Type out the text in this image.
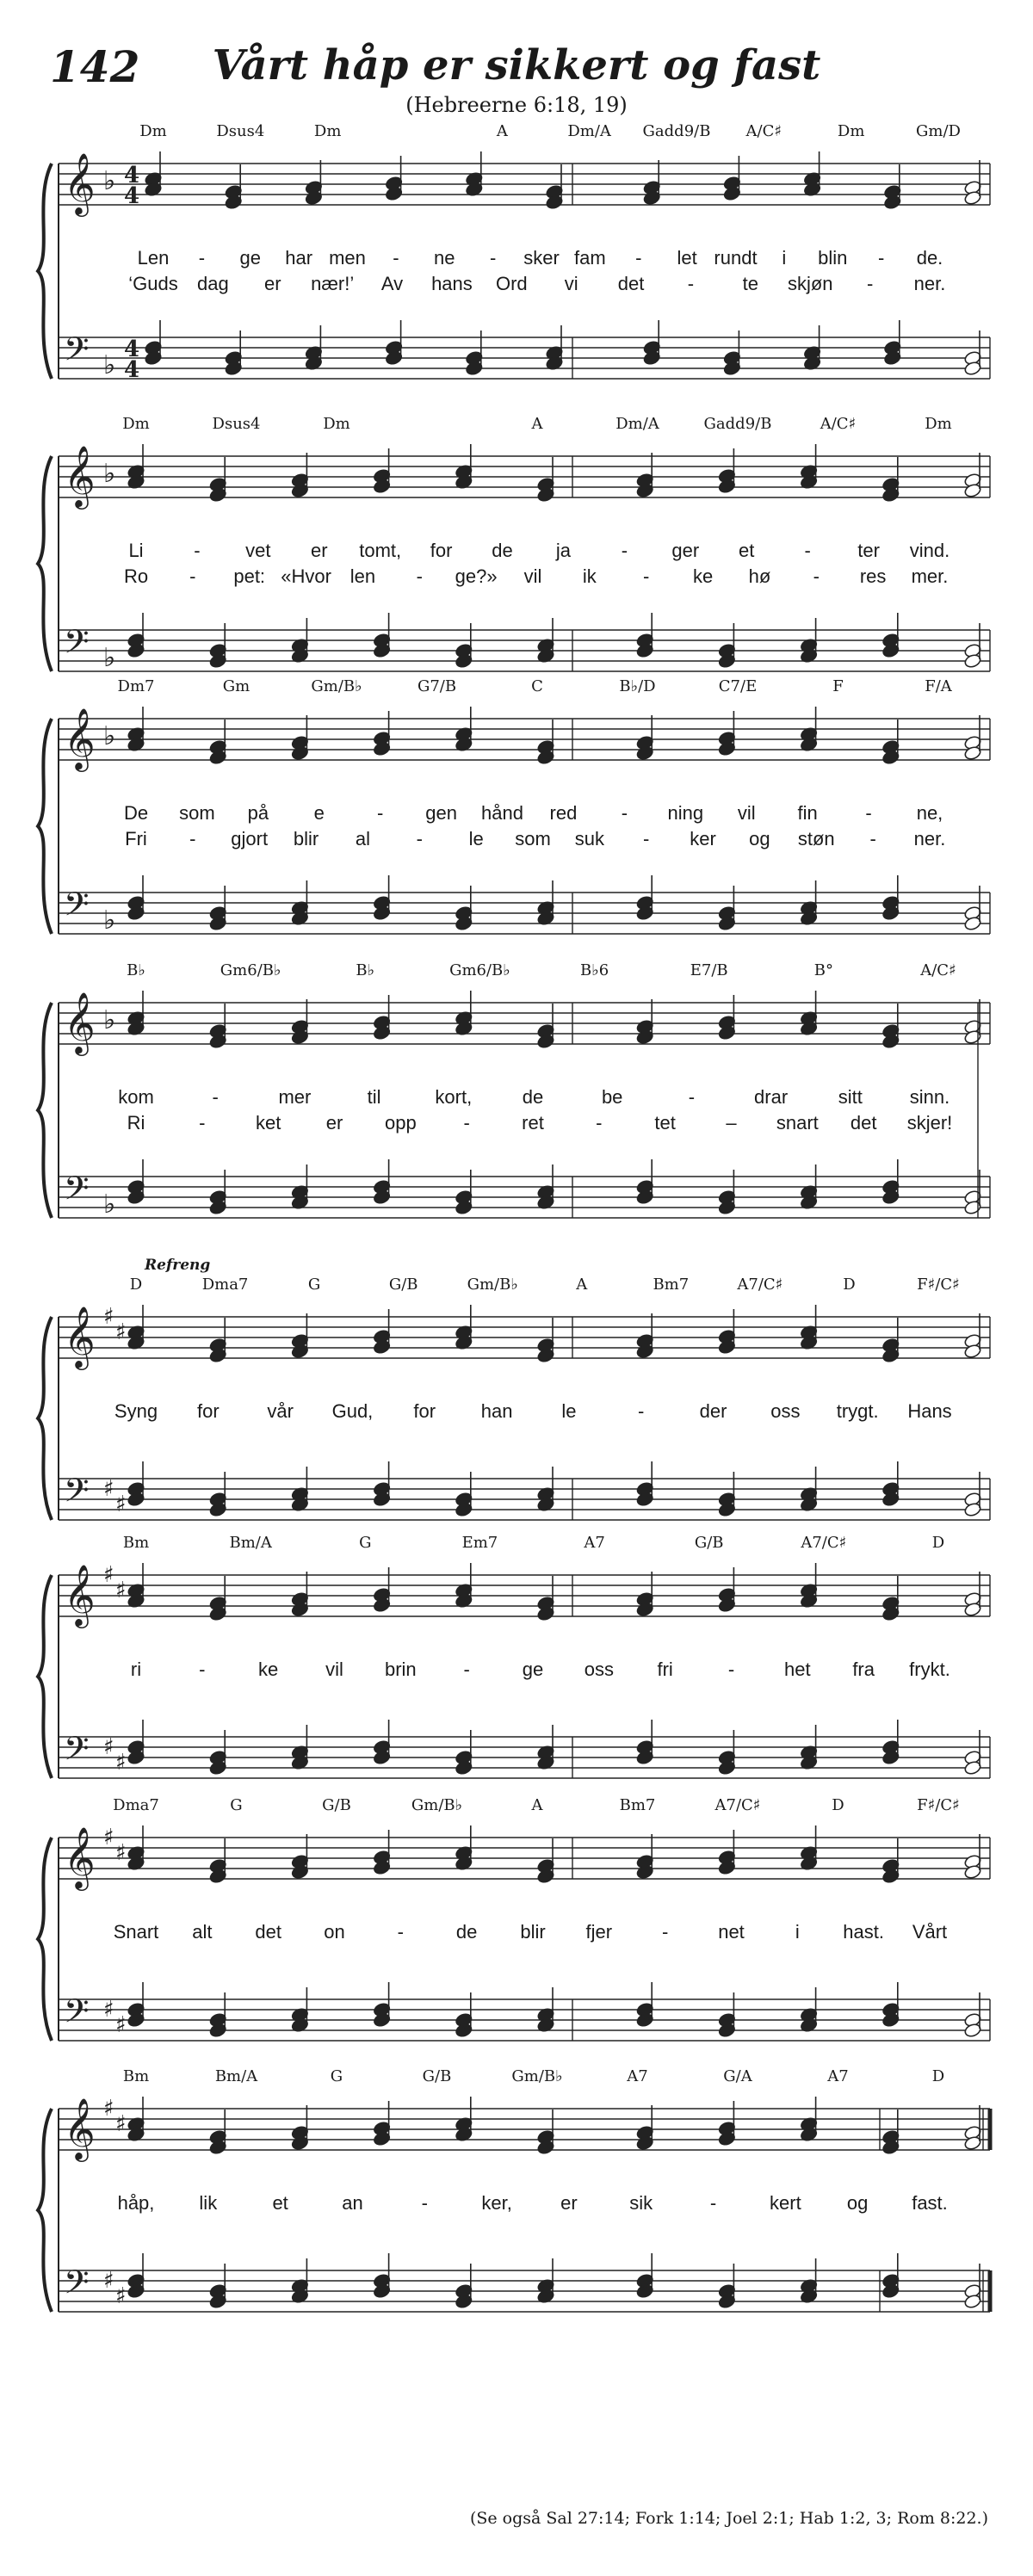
142	Vårt håp er sikkert og fast
(Hebreerne 6:18, 19)
𝄞
𝄢
♭
♭
4
4
4
4
Dm	Dsus4	Dm	A	Dm/A Gadd9/B A/C♯	Dm	Gm/D
Len - ge har men - ne - sker fam - let rundt i blin - de.
‘Guds dag er nær!’ Av hans Ord vi det -	te skjøn - ner.
𝄞
𝄢
♭
♭
Dm	Dsus4	Dm	A	Dm/A	Gadd9/B	A/C♯	Dm
Li	- vet er tomt, for de ja	- ger et	- ter vind.
Ro - pet: «Hvor len - ge?» vil ik - ke hø - res mer.
𝄞
𝄢
♭
♭
Dm7	Gm	Gm/B♭	G7/B	C	B♭/D	C7/E	F	F/A
De som på e	- gen hånd red - ning vil fin	- ne,
Fri - gjort blir al - le som suk - ker og støn - ner.
𝄞
𝄢
♭
♭
B♭	Gm6/B♭	B♭	Gm6/B♭	B♭6	E7/B	B°	A/C♯
kom	-	mer	til	kort,	de	be	-	drar	sitt sinn.
Ri	-	ket er opp -	ret	-	tet	– snart det skjer!
𝄞
𝄢
♯
♯
♯
♯
D	Dma7	G	G/B	Gm/B♭	A	Bm7	A7/C♯	D	F♯/C♯
Refreng
Syng for	vår Gud, for han	le	-	der oss trygt. Hans
𝄞
𝄢
♯
♯
♯
♯
Bm	Bm/A	G	Em7	A7	G/B	A7/C♯	D
ri	-	ke vil brin -	ge oss fri	-	het fra frykt.
𝄞
𝄢
♯
♯
♯
♯
Dma7	G	G/B	Gm/B♭	A	Bm7	A7/C♯	D	F♯/C♯
Snart alt det on	-	de blir fjer	-	net	i hast. Vårt
𝄞
𝄢
♯
♯
♯
♯
Bm	Bm/A	G	G/B	Gm/B♭	A7	G/A	A7	D
håp, lik	et	an	-	ker,	er	sik	-	kert og fast.
(Se også Sal 27:14; Fork 1:14; Joel 2:1; Hab 1:2, 3; Rom 8:22.)
